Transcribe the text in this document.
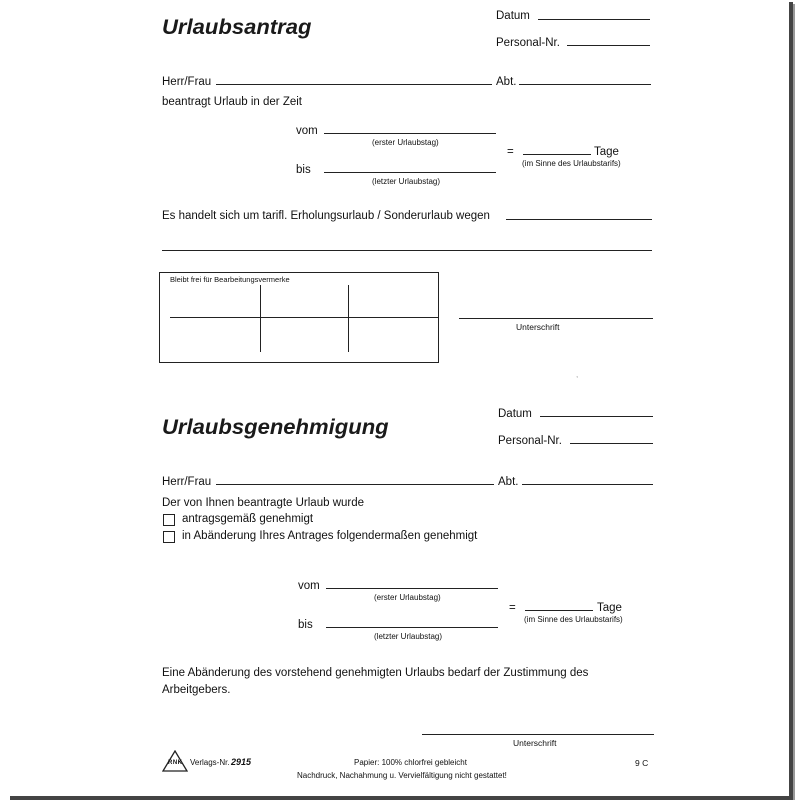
Urlaubsantrag	Datum
Personal-Nr.
Herr/Frau	Abt.
beantragt Urlaub in der Zeit
vom
(erster Urlaubstag)
=	Tage
(im Sinne des Urlaubstarifs)
bis
(letzter Urlaubstag)
Es handelt sich um tarifl. Erholungsurlaub / Sonderurlaub wegen
Bleibt frei für Bearbeitungsvermerke
Unterschrift
,
Datum
Urlaubsgenehmigung
Personal-Nr.
Herr/Frau	Abt.
Der von Ihnen beantragte Urlaub wurde
antragsgemäß genehmigt
in Abänderung Ihres Antrages folgendermaßen genehmigt
vom
(erster Urlaubstag)
=	Tage
(im Sinne des Urlaubstarifs)
bis
(letzter Urlaubstag)
Eine Abänderung des vorstehend genehmigten Urlaubs bedarf der Zustimmung des
Arbeitgebers.
Unterschrift
RNK Verlags-Nr. 2915	Papier: 100% chlorfrei gebleicht
Nachdruck, Nachahmung u. Vervielfältigung nicht gestattet!
9 C
